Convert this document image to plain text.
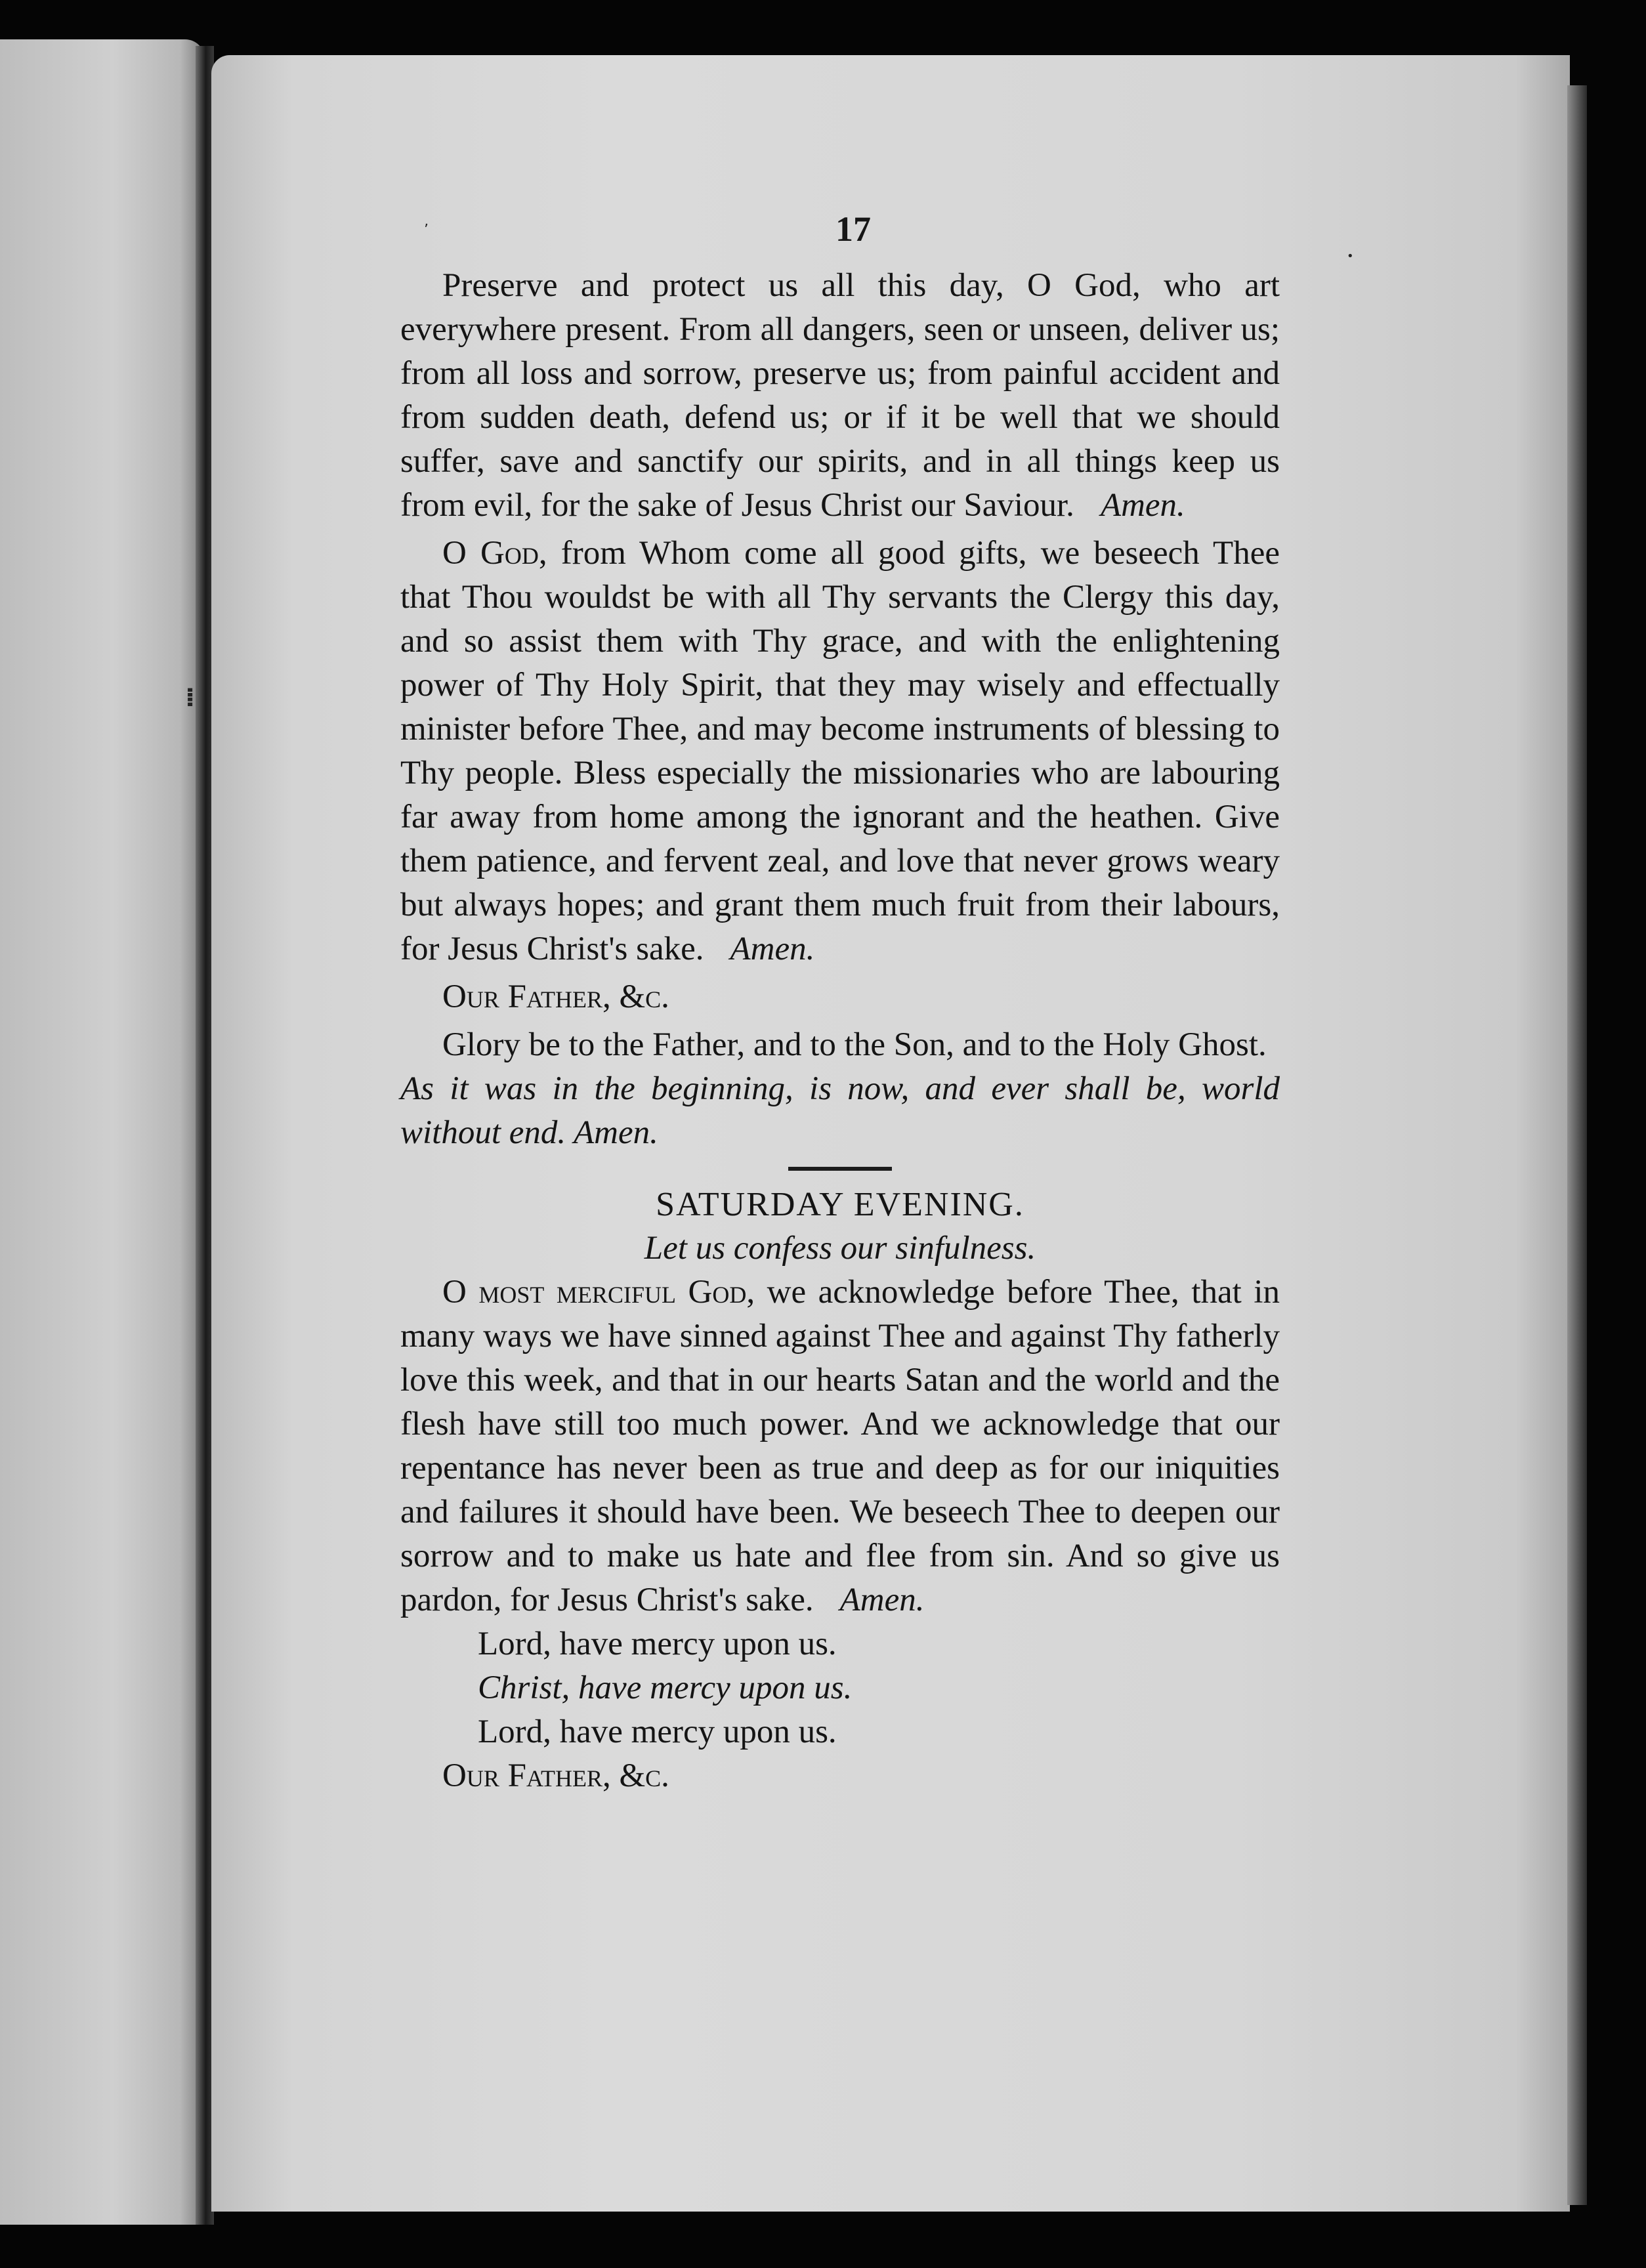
ʼ
•
⁞
17

Preserve and protect us all this day, O God, who art everywhere present. From all dangers, seen or unseen, deliver us; from all loss and sorrow, preserve us; from painful accident and from sudden death, defend us; or if it be well that we should suffer, save and sanctify our spirits, and in all things keep us from evil, for the sake of Jesus Christ our Saviour. Amen.

O God, from Whom come all good gifts, we beseech Thee that Thou wouldst be with all Thy servants the Clergy this day, and so assist them with Thy grace, and with the enlightening power of Thy Holy Spirit, that they may wisely and effectually minister before Thee, and may become instruments of blessing to Thy people. Bless especially the missionaries who are labouring far away from home among the ignorant and the heathen. Give them patience, and fervent zeal, and love that never grows weary but always hopes; and grant them much fruit from their labours, for Jesus Christ's sake. Amen.

Our Father, &c.

Glory be to the Father, and to the Son, and to the Holy Ghost.

As it was in the beginning, is now, and ever shall be, world without end. Amen.

SATURDAY EVENING.

Let us confess our sinfulness.

O most merciful God, we acknowledge before Thee, that in many ways we have sinned against Thee and against Thy fatherly love this week, and that in our hearts Satan and the world and the flesh have still too much power. And we acknowledge that our repentance has never been as true and deep as for our iniquities and failures it should have been. We beseech Thee to deepen our sorrow and to make us hate and flee from sin. And so give us pardon, for Jesus Christ's sake. Amen.

Lord, have mercy upon us.

Christ, have mercy upon us.

Lord, have mercy upon us.

Our Father, &c.
